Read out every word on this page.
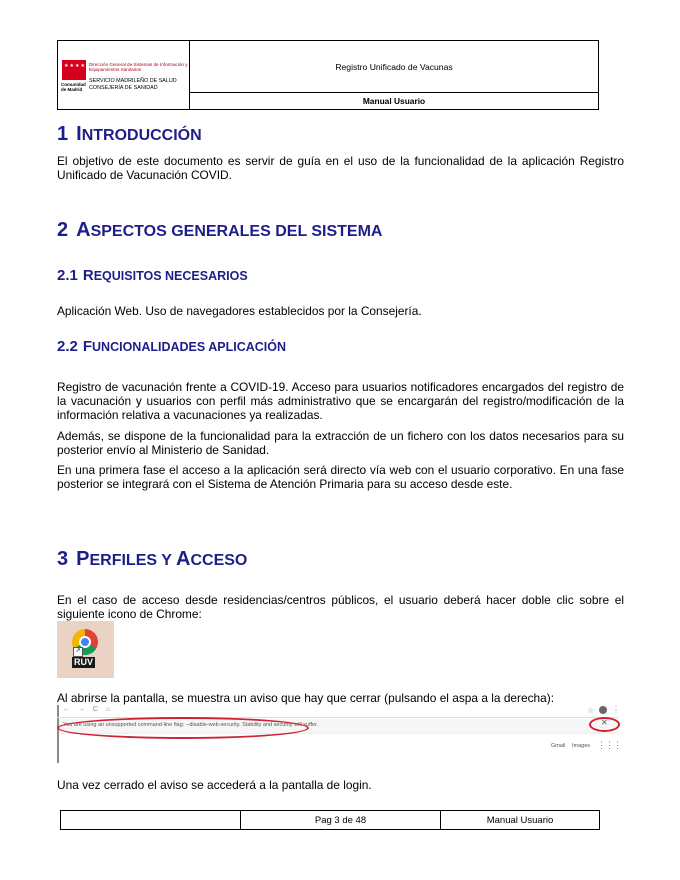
★★★★★★★
Comunidad de Madrid
Dirección General de Sistemas de Información y Equipamientos Sanitarios
SERVICIO MADRILEÑO DE SALUD
CONSEJERÍA DE SANIDAD
Registro Unificado de Vacunas
Manual Usuario
1 INTRODUCCIÓN
El objetivo de este documento es servir de guía en el uso de la funcionalidad de la aplicación Registro Unificado de Vacunación COVID.
2 ASPECTOS GENERALES DEL SISTEMA
2.1 REQUISITOS NECESARIOS
Aplicación Web. Uso de navegadores establecidos por la Consejería.
2.2 FUNCIONALIDADES APLICACIÓN
Registro de vacunación frente a COVID-19. Acceso para usuarios notificadores encargados del registro de la vacunación y usuarios con perfil más administrativo que se encargarán del registro/modificación de la información relativa a vacunaciones ya realizadas.
Además, se dispone de la funcionalidad para la extracción de un fichero con los datos necesarios para su posterior envío al Ministerio de Sanidad.
En una primera fase el acceso a la aplicación será directo vía web con el usuario corporativo. En una fase posterior se integrará con el Sistema de Atención Primaria para su acceso desde este.
3 PERFILES Y ACCESO
En el caso de acceso desde residencias/centros públicos, el usuario deberá hacer doble clic sobre el siguiente icono de Chrome:
↗
RUV
Al abrirse la pantalla, se muestra un aviso que hay que cerrar (pulsando el aspa a la derecha):
← → C ⌂	☆ ⋮
You are using an unsupported command-line flag: --disable-web-security. Stability and security will suffer.	✕
Gmail Images ⋮⋮⋮
Una vez cerrado el aviso se accederá a la pantalla de login.
Pag 3 de 48	Manual Usuario
